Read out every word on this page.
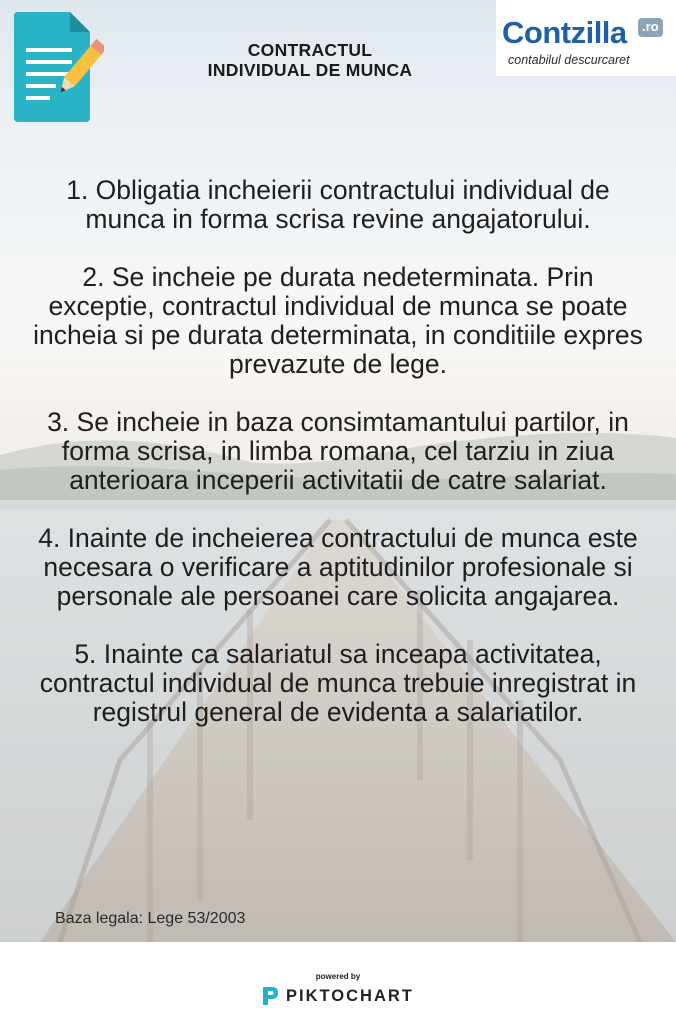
CONTRACTUL
INDIVIDUAL DE MUNCA
Contzilla	.ro
contabilul descurcaret

1. Obligatia incheierii contractului individual de munca in forma scrisa revine angajatorului.

2. Se incheie pe durata nedeterminata. Prin exceptie, contractul individual de munca se poate incheia si pe durata determinata, in conditiile expres prevazute de lege.

3. Se incheie in baza consimtamantului partilor, in forma scrisa, in limba romana, cel tarziu in ziua anterioara inceperii activitatii de catre salariat.

4. Inainte de incheierea contractului de munca este necesara o verificare a aptitudinilor profesionale si personale ale persoanei care solicita angajarea.

5. Inainte ca salariatul sa inceapa activitatea, contractul individual de munca trebuie inregistrat in registrul general de evidenta a salariatilor.

Baza legala: Lege 53/2003
powered by
PIKTOCHART
